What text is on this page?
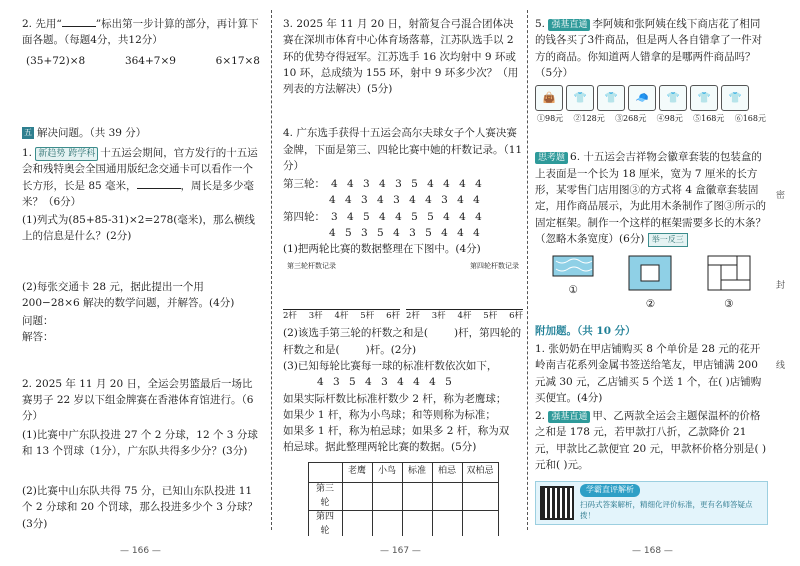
2. 先用“	”标出第一步计算的部分，再计算下面各题。（每题4分，共12分）

(35+72)×8	364+7×9	6×17×8
五 解决问题。（共 39 分）

1. 新趋势 跨学科 十五运会期间，官方发行的十五运会和残特奥会全国通用版纪念交通卡可以看作一个长方形，长是 85 毫米，	，周长是多少毫米？（6分）

(1)列式为(85+85-31)×2=278(毫米)，那么横线上的信息是什么？(2分)

(2)每张交通卡 28 元，据此提出一个用 200−28×6 解决的数学问题，并解答。(4分)

问题：

解答：

2. 2025 年 11 月 20 日，全运会男篮最后一场比赛男子 22 岁以下组金牌赛在香港体育馆进行。（6分）

(1)比赛中广东队投进 27 个 2 分球，12 个 3 分球和 13 个罚球（1分），广东队共得多少分？(3分)

(2)比赛中山东队共得 75 分，已知山东队投进 11 个 2 分球和 20 个罚球，那么投进多少个 3 分球？(3分)

3. 2025 年 11 月 20 日，射箭复合弓混合团体决赛在深圳市体育中心体育场落幕，江苏队选手以 2 环的优势夺得冠军。江苏选手 16 次均射中 9 环或 10 环，总成绩为 155 环，射中 9 环多少次？（用列表的方法解决）(5分)

4. 广东选手获得十五运会高尔夫球女子个人赛决赛金牌，下面是第三、四轮比赛中她的杆数记录。（11分）

第三轮： 4 4 3 4 3 5 4 4 4 4

4 4 3 4 3 4 4 3 4 4

第四轮： 3 4 5 4 4 5 5 4 4 4

4 5 3 5 4 3 5 4 4 4

(1)把两轮比赛的数据整理在下图中。(4分)

第三轮杆数记录	第四轮杆数记录
2杆 3杆 4杆 5杆 6杆 2杆 3杆 4杆 5杆 6杆

(2)该选手第三轮的杆数之和是( )杆，第四轮的杆数之和是( )杆。(2分)

(3)已知每轮比赛每一球的标准杆数依次如下，

4 3 5 4 3 4 4 4 5

如果实际杆数比标准杆数少 2 杆，称为老鹰球；

如果少 1 杆，称为小鸟球；和等则称为标准；

如果多 1 杆，称为柏忌球；如果多 2 杆，称为双

柏忌球。据此整理两轮比赛的数据。(5分)

	老鹰	小鸟	标准	柏忌	双柏忌
第三轮					
第四轮					

5. 强基直通 李阿姨和张阿姨在线下商店花了相同的钱各买了3件商品，但是两人各自错拿了一件对方的商品。你知道两人错拿的是哪两件商品吗？（5分）

👜	👕	👕	🧢	👕	👕	👕
①98元 ②128元 ③268元 ④98元 ⑤168元 ⑥168元

思考题 6. 十五运会吉祥物会徽章套装的包装盒的上表面是一个长为 18 厘米，宽为 7 厘米的长方形，某零售门店用图③的方式将 4 盒徽章套装固定，用作商品展示，为此用木条制作了图③所示的固定框架。制作一个这样的框架需要多长的木条？（忽略木条宽度）(6分) 举一反三

①

②	③

附加题。（共 10 分）

1. 张奶奶在甲店铺购买 8 个单价是 28 元的花开岭南吉花系列金属书签送给笔友，甲店铺满 200 元减 30 元，乙店铺买 5 个送 1 个，在( )店铺购买便宜。(4分)

2. 强基直通 甲、乙两款全运会主题保温杯的价格之和是 178 元，若甲款打八折，乙款降价 21 元，甲款比乙款便宜 20 元，甲款杯价格分别是( )元和( )元。

学霸直评解析

扫码式答案解析，精细化评价标准，更有名师答疑点拨！

密
封
线
— 166 —	— 167 —	— 168 —
